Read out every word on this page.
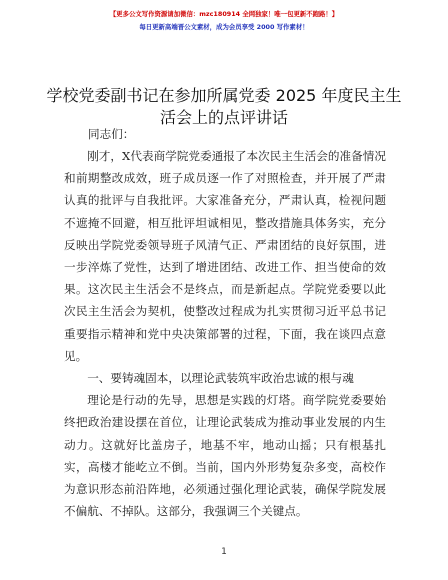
【更多公文写作资源请加微信：mzc180914 全网独家！唯一包更新不跑路！】
每日更新高端晋公文素材，成为会员享受 2000 写作素材！
学校党委副书记在参加所属党委 2025 年度民主生活会上的点评讲话
同志们：

刚才，X代表商学院党委通报了本次民主生活会的准备情况和前期整改成效，班子成员逐一作了对照检查，并开展了严肃认真的批评与自我批评。大家准备充分，严肃认真，检视问题不遮掩不回避，相互批评坦诚相见，整改措施具体务实，充分反映出学院党委领导班子风清气正、严肃团结的良好氛围，进一步淬炼了党性，达到了增进团结、改进工作、担当使命的效果。这次民主生活会不是终点，而是新起点。学院党委要以此次民主生活会为契机，使整改过程成为扎实贯彻习近平总书记重要指示精神和党中央决策部署的过程，下面，我在谈四点意见。

一、要铸魂固本，以理论武装筑牢政治忠诚的根与魂

理论是行动的先导，思想是实践的灯塔。商学院党委要始终把政治建设摆在首位，让理论武装成为推动事业发展的内生动力。这就好比盖房子，地基不牢，地动山摇；只有根基扎实，高楼才能屹立不倒。当前，国内外形势复杂多变，高校作为意识形态前沿阵地，必须通过强化理论武装，确保学院发展不偏航、不掉队。这部分，我强调三个关键点。

1
